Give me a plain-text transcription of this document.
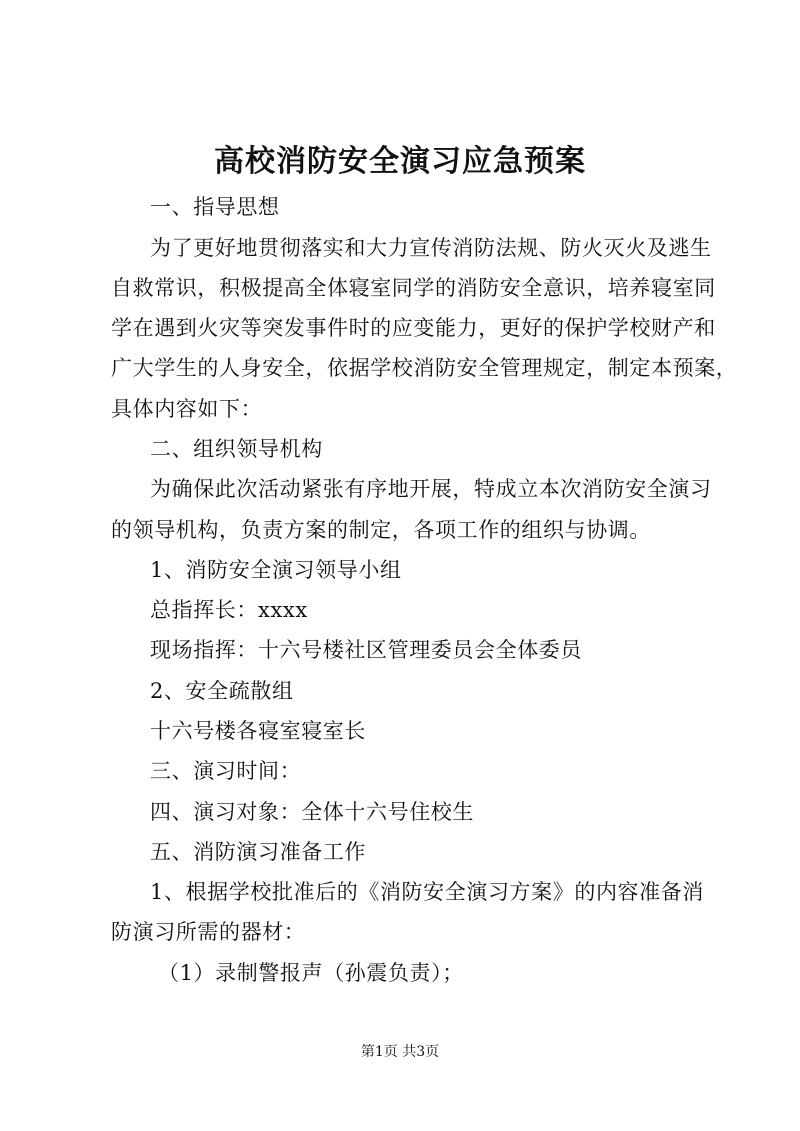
高校消防安全演习应急预案
一、指导思想
为了更好地贯彻落实和大力宣传消防法规、防火灭火及逃生
自救常识，积极提高全体寝室同学的消防安全意识，培养寝室同
学在遇到火灾等突发事件时的应变能力，更好的保护学校财产和
广大学生的人身安全，依据学校消防安全管理规定，制定本预案，
具体内容如下：
二、组织领导机构
为确保此次活动紧张有序地开展，特成立本次消防安全演习
的领导机构，负责方案的制定，各项工作的组织与协调。
1、消防安全演习领导小组
总指挥长：xxxx
现场指挥：十六号楼社区管理委员会全体委员
2、安全疏散组
十六号楼各寝室寝室长
三、演习时间：
四、演习对象：全体十六号住校生
五、消防演习准备工作
1、根据学校批准后的《消防安全演习方案》的内容准备消
防演习所需的器材：
（1）录制警报声（孙震负责）；
第1页 共3页
